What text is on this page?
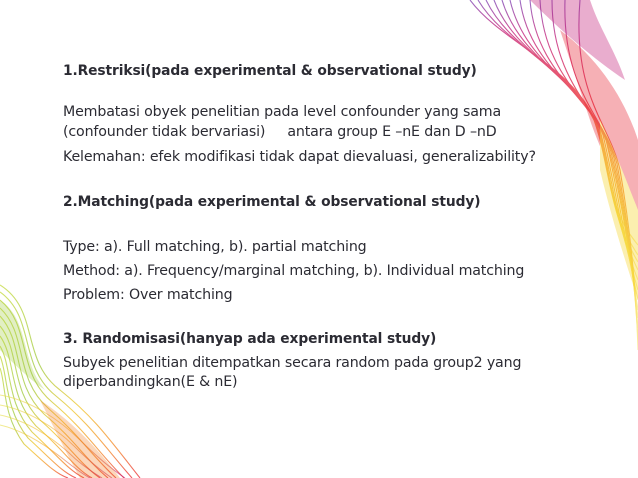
1.Restriksi(pada experimental & observational study)
Membatasi obyek penelitian pada level confounder yang sama
(confounder tidak bervariasi) antara group E –nE dan D –nD
Kelemahan: efek modifikasi tidak dapat dievaluasi, generalizability?
2.Matching(pada experimental & observational study)
Type: a). Full matching, b). partial matching
Method: a). Frequency/marginal matching, b). Individual matching
Problem: Over matching
3. Randomisasi(hanyap ada experimental study)
Subyek penelitian ditempatkan secara random pada group2 yang
diperbandingkan(E & nE)
